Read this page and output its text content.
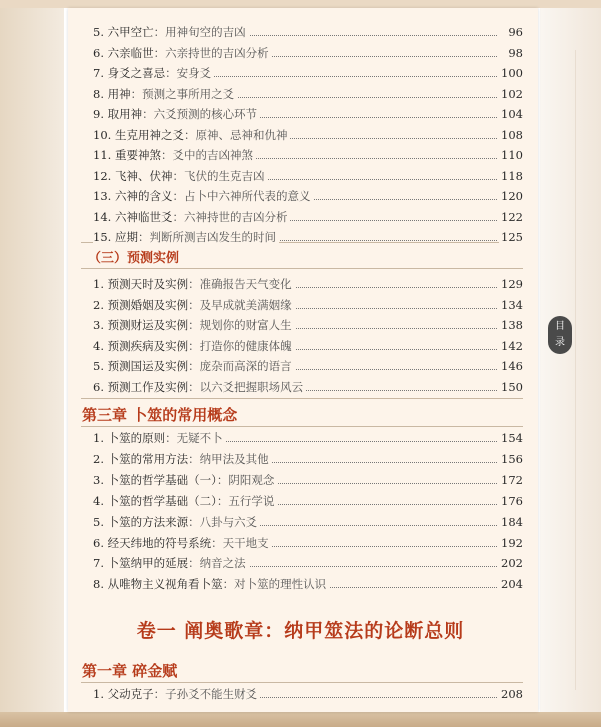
5. 六甲空亡：用神旬空的吉凶	96
6. 六亲临世：六亲持世的吉凶分析	98
7. 身爻之喜忌：安身爻	100
8. 用神：预测之事所用之爻	102
9. 取用神：六爻预测的核心环节	104
10. 生克用神之爻：原神、忌神和仇神	108
11. 重要神煞：爻中的吉凶神煞	110
12. 飞神、伏神：飞伏的生克吉凶	118
13. 六神的含义：占卜中六神所代表的意义	120
14. 六神临世爻：六神持世的吉凶分析	122
15. 应期：判断所测吉凶发生的时间	125
（三）预测实例
1. 预测天时及实例：准确报告天气变化	129
2. 预测婚姻及实例：及早成就美满姻缘	134
3. 预测财运及实例：规划你的财富人生	138
4. 预测疾病及实例：打造你的健康体魄	142
5. 预测国运及实例：庞杂而高深的语言	146
6. 预测工作及实例：以六爻把握职场风云	150
第三章 卜筮的常用概念
1. 卜筮的原则：无疑不卜	154
2. 卜筮的常用方法：纳甲法及其他	156
3. 卜筮的哲学基础（一）：阴阳观念	172
4. 卜筮的哲学基础（二）：五行学说	176
5. 卜筮的方法来源：八卦与六爻	184
6. 经天纬地的符号系统：天干地支	192
7. 卜筮纳甲的延展：纳音之法	202
8. 从唯物主义视角看卜筮：对卜筮的理性认识	204
卷一 阐奥歌章：纳甲筮法的论断总则
第一章 碎金赋
1. 父动克子：子孙爻不能生财爻	208
目
录
